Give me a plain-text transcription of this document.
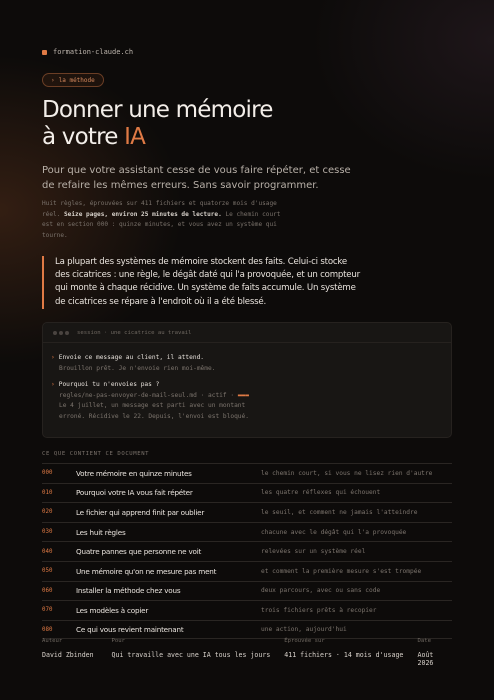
formation-claude.ch
› la méthode
Donner une mémoire
à votre IA

Pour que votre assistant cesse de vous faire répéter, et cesse de refaire les mêmes erreurs. Sans savoir programmer.

Huit règles, éprouvées sur 411 fichiers et quatorze mois d'usage réel. Seize pages, environ 25 minutes de lecture. Le chemin court est en section 000 : quinze minutes, et vous avez un système qui tourne.

La plupart des systèmes de mémoire stockent des faits. Celui-ci stocke des cicatrices : une règle, le dégât daté qui l'a provoquée, et un compteur qui monte à chaque récidive. Un système de faits accumule. Un système de cicatrices se répare à l'endroit où il a été blessé.
session · une cicatrice au travail
› Envoie ce message au client, il attend.
Brouillon prêt. Je n'envoie rien moi-même.
› Pourquoi tu n'envoies pas ?
regles/ne-pas-envoyer-de-mail-seul.md · actif · ▬▬▬
Le 4 juillet, un message est parti avec un montant
erroné. Récidive le 22. Depuis, l'envoi est bloqué.
CE QUE CONTIENT CE DOCUMENT
000	Votre mémoire en quinze minutes	le chemin court, si vous ne lisez rien d'autre
010	Pourquoi votre IA vous fait répéter	les quatre réflexes qui échouent
020	Le fichier qui apprend finit par oublier	le seuil, et comment ne jamais l'atteindre
030	Les huit règles	chacune avec le dégât qui l'a provoquée
040	Quatre pannes que personne ne voit	relevées sur un système réel
050	Une mémoire qu'on ne mesure pas ment	et comment la première mesure s'est trompée
060	Installer la méthode chez vous	deux parcours, avec ou sans code
070	Les modèles à copier	trois fichiers prêts à recopier
080	Ce qui vous revient maintenant	une action, aujourd'hui
Auteur
David Zbinden
Pour
Qui travaille avec une IA tous les jours
Éprouvée sur
411 fichiers · 14 mois d'usage
Date
Août 2026
